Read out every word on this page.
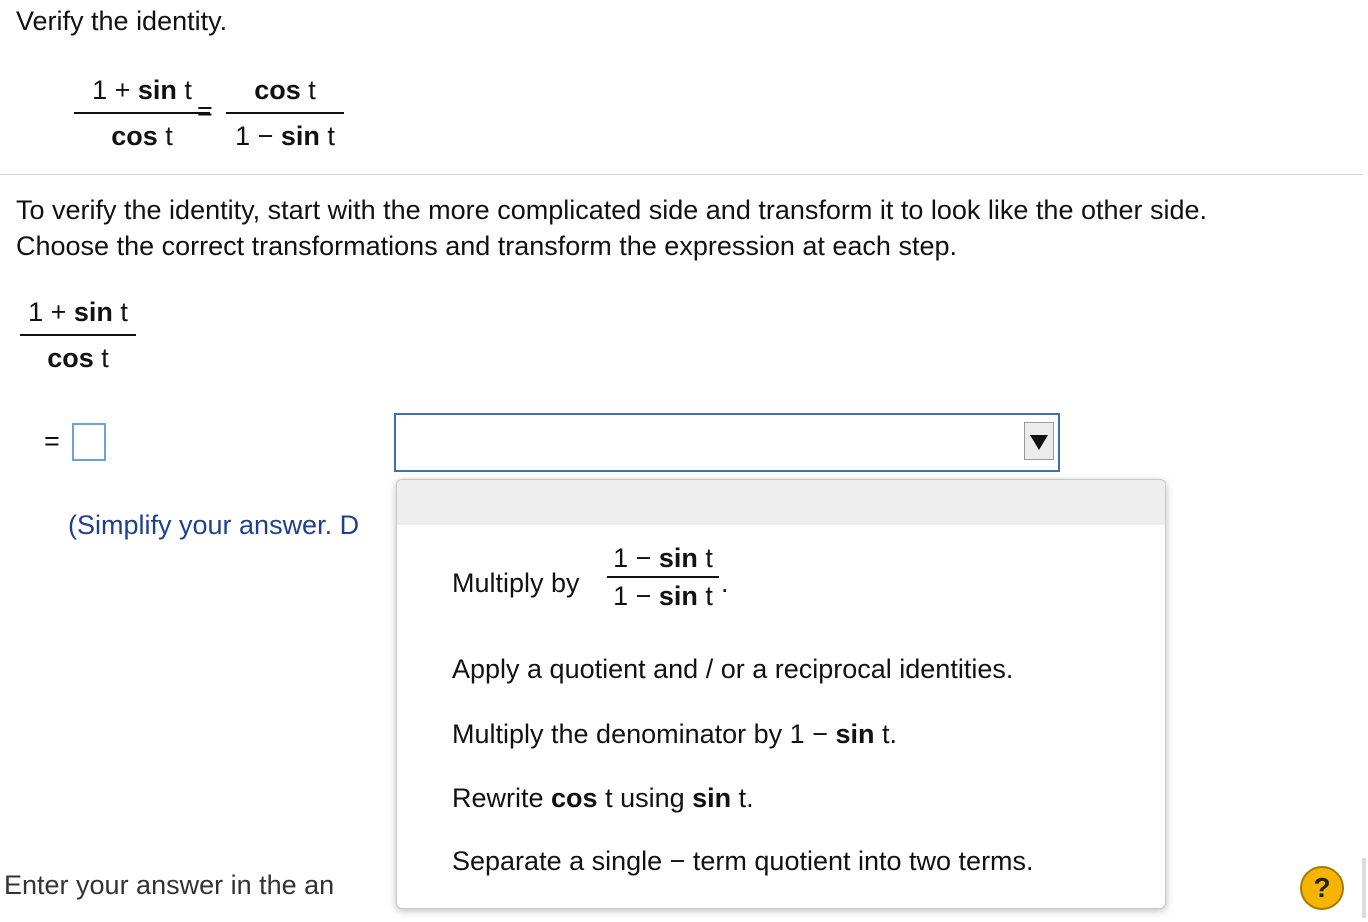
Verify the identity.
1 + sin t
cos t
=
cos t
1 − sin t
To verify the identity, start with the more complicated side and transform it to look like the other side.
Choose the correct transformations and transform the expression at each step.
1 + sin t
cos t
=
(Simplify your answer. D
Enter your answer in the an
Multiply by
1 − sin t
1 − sin t .
Apply a quotient and / or a reciprocal identities.
Multiply the denominator by 1 − sin t.
Rewrite cos t using sin t.
Separate a single − term quotient into two terms.
?
